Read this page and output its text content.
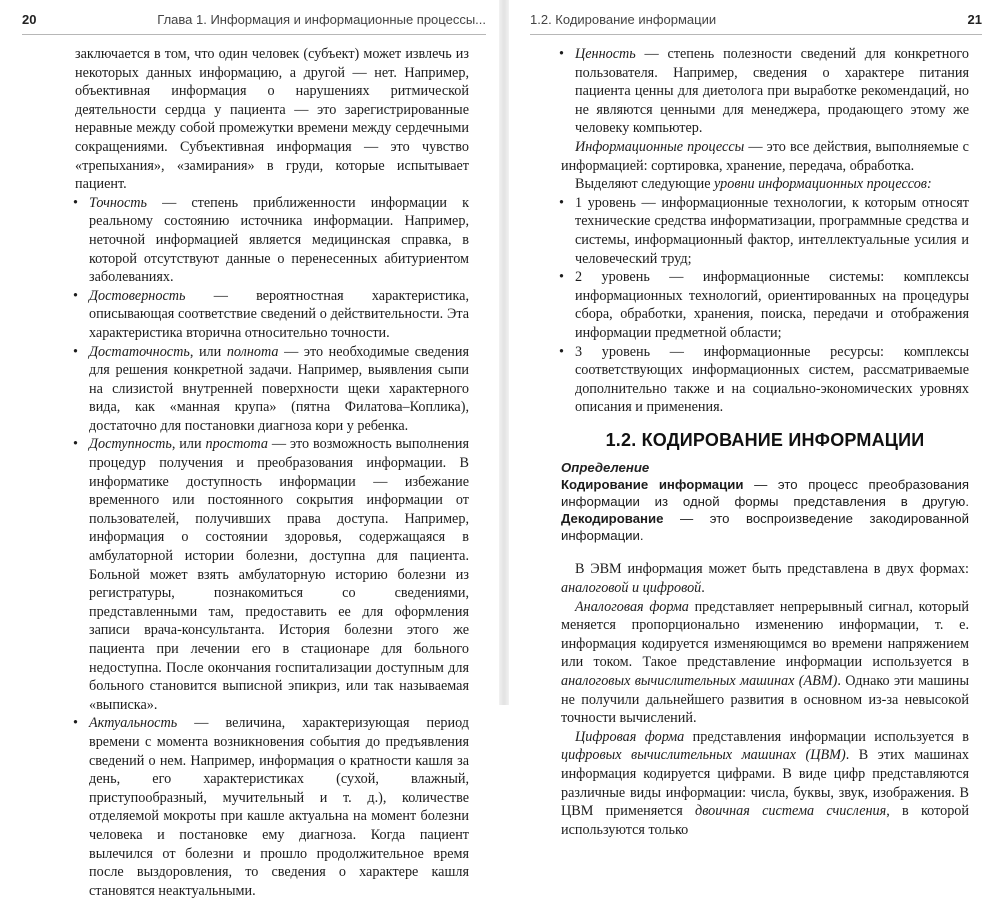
20	Глава 1. Информация и информационные процессы...

заключается в том, что один человек (субъект) может извлечь из некоторых данных информацию, а другой — нет. Например, объективная информация о нарушениях ритмической деятельности сердца у пациента — это зарегистрированные неравные между собой промежутки времени между сердечными сокращениями. Субъективная информация — это чувство «трепыхания», «замирания» в груди, которые испытывает пациент.

• Точность — степень приближенности информации к реальному состоянию источника информации. Например, неточной информацией является медицинская справка, в которой отсутствуют данные о перенесенных абитуриентом заболеваниях.
• Достоверность — вероятностная характеристика, описывающая соответствие сведений о действительности. Эта характеристика вторична относительно точности.
• Достаточность, или полнота — это необходимые сведения для решения конкретной задачи. Например, выявления сыпи на слизистой внутренней поверхности щеки характерного вида, как «манная крупа» (пятна Филатова–Коплика), достаточно для постановки диагноза кори у ребенка.
• Доступность, или простота — это возможность выполнения процедур получения и преобразования информации. В информатике доступность информации — избежание временного или постоянного сокрытия информации от пользователей, получивших права доступа. Например, информация о состоянии здоровья, содержащаяся в амбулаторной истории болезни, доступна для пациента. Больной может взять амбулаторную историю болезни из регистратуры, познакомиться со сведениями, представленными там, предоставить ее для оформления записи врача-консультанта. История болезни этого же пациента при лечении его в стационаре для больного недоступна. После окончания госпитализации доступным для больного становится выписной эпикриз, или так называемая «выписка».
• Актуальность — величина, характеризующая период времени с момента возникновения события до предъявления сведений о нем. Например, информация о кратности кашля за день, его характеристиках (сухой, влажный, приступообразный, мучительный и т. д.), количестве отделяемой мокроты при кашле актуальна на момент болезни человека и постановке ему диагноза. Когда пациент вылечился от болезни и прошло продолжительное время после выздоровления, то сведения о характере кашля становятся неактуальными.
1.2. Кодирование информации	21
• Ценность — степень полезности сведений для конкретного пользователя. Например, сведения о характере питания пациента ценны для диетолога при выработке рекомендаций, но не являются ценными для менеджера, продающего этому же человеку компьютер.

Информационные процессы — это все действия, выполняемые с информацией: сортировка, хранение, передача, обработка.

Выделяют следующие уровни информационных процессов:

• 1 уровень — информационные технологии, к которым относят технические средства информатизации, программные средства и системы, информационный фактор, интеллектуальные усилия и человеческий труд;
• 2 уровень — информационные системы: комплексы информационных технологий, ориентированных на процедуры сбора, обработки, хранения, поиска, передачи и отображения информации предметной области;
• 3 уровень — информационные ресурсы: комплексы соответствующих информационных систем, рассматриваемые дополнительно также и на социально-экономических уровнях описания и применения.
1.2. КОДИРОВАНИЕ ИНФОРМАЦИИ
Определение
Кодирование информации — это процесс преобразования информации из одной формы представления в другую. Декодирование — это воспроизведение закодированной информации.

В ЭВМ информация может быть представлена в двух формах: аналоговой и цифровой.

Аналоговая форма представляет непрерывный сигнал, который меняется пропорционально изменению информации, т. е. информация кодируется изменяющимся во времени напряжением или током. Такое представление информации используется в аналоговых вычислительных машинах (АВМ). Однако эти машины не получили дальнейшего развития в основном из-за невысокой точности вычислений.

Цифровая форма представления информации используется в цифровых вычислительных машинах (ЦВМ). В этих машинах информация кодируется цифрами. В виде цифр представляются различные виды информации: числа, буквы, звук, изображения. В ЦВМ применяется двоичная система счисления, в которой используются только
